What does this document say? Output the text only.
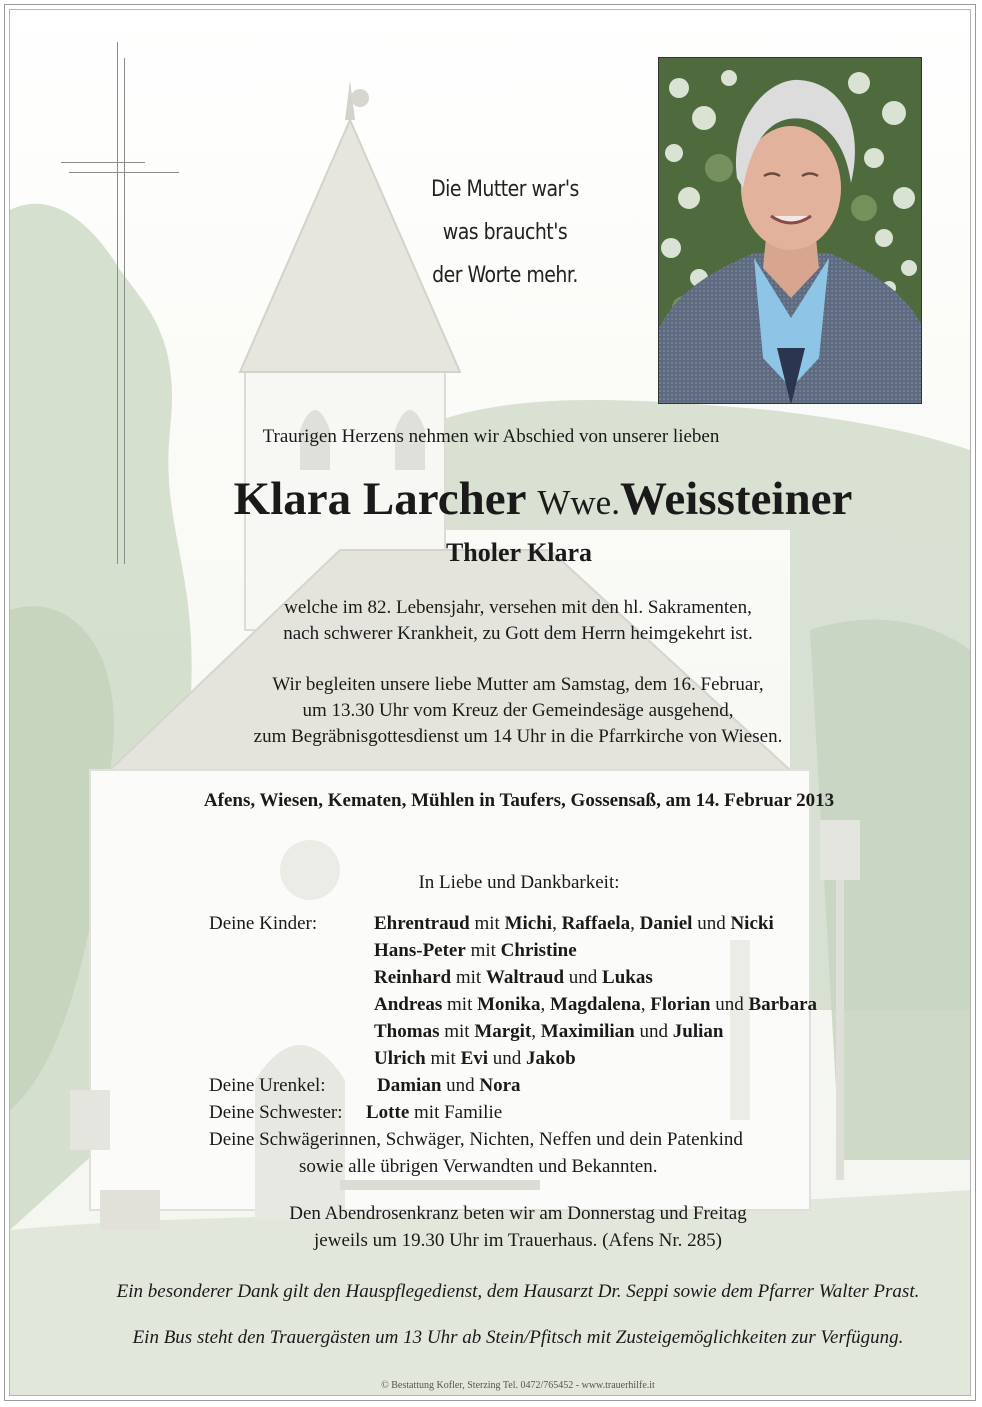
Die Mutter war's
was braucht's
der Worte mehr.
Traurigen Herzens nehmen wir Abschied von unserer lieben
Klara Larcher Wwe.Weissteiner
Tholer Klara
welche im 82. Lebensjahr, versehen mit den hl. Sakramenten,
nach schwerer Krankheit, zu Gott dem Herrn heimgekehrt ist.
Wir begleiten unsere liebe Mutter am Samstag, dem 16. Februar,
um 13.30 Uhr vom Kreuz der Gemeindesäge ausgehend,
zum Begräbnisgottesdienst um 14 Uhr in die Pfarrkirche von Wiesen.
Afens, Wiesen, Kematen, Mühlen in Taufers, Gossensaß, am 14. Februar 2013
In Liebe und Dankbarkeit:
Deine Kinder:	Ehrentraud mit Michi, Raffaela, Daniel und Nicki
Hans-Peter mit Christine
Reinhard mit Waltraud und Lukas
Andreas mit Monika, Magdalena, Florian und Barbara
Thomas mit Margit, Maximilian und Julian
Ulrich mit Evi und Jakob
Deine Urenkel:	Damian und Nora
Deine Schwester: Lotte mit Familie
Deine Schwägerinnen, Schwäger, Nichten, Neffen und dein Patenkind
sowie alle übrigen Verwandten und Bekannten.
Den Abendrosenkranz beten wir am Donnerstag und Freitag
jeweils um 19.30 Uhr im Trauerhaus. (Afens Nr. 285)
Ein besonderer Dank gilt den Hauspflegedienst, dem Hausarzt Dr. Seppi sowie dem Pfarrer Walter Prast.
Ein Bus steht den Trauergästen um 13 Uhr ab Stein/Pfitsch mit Zusteigemöglichkeiten zur Verfügung.
© Bestattung Kofler, Sterzing Tel. 0472/765452 - www.trauerhilfe.it
